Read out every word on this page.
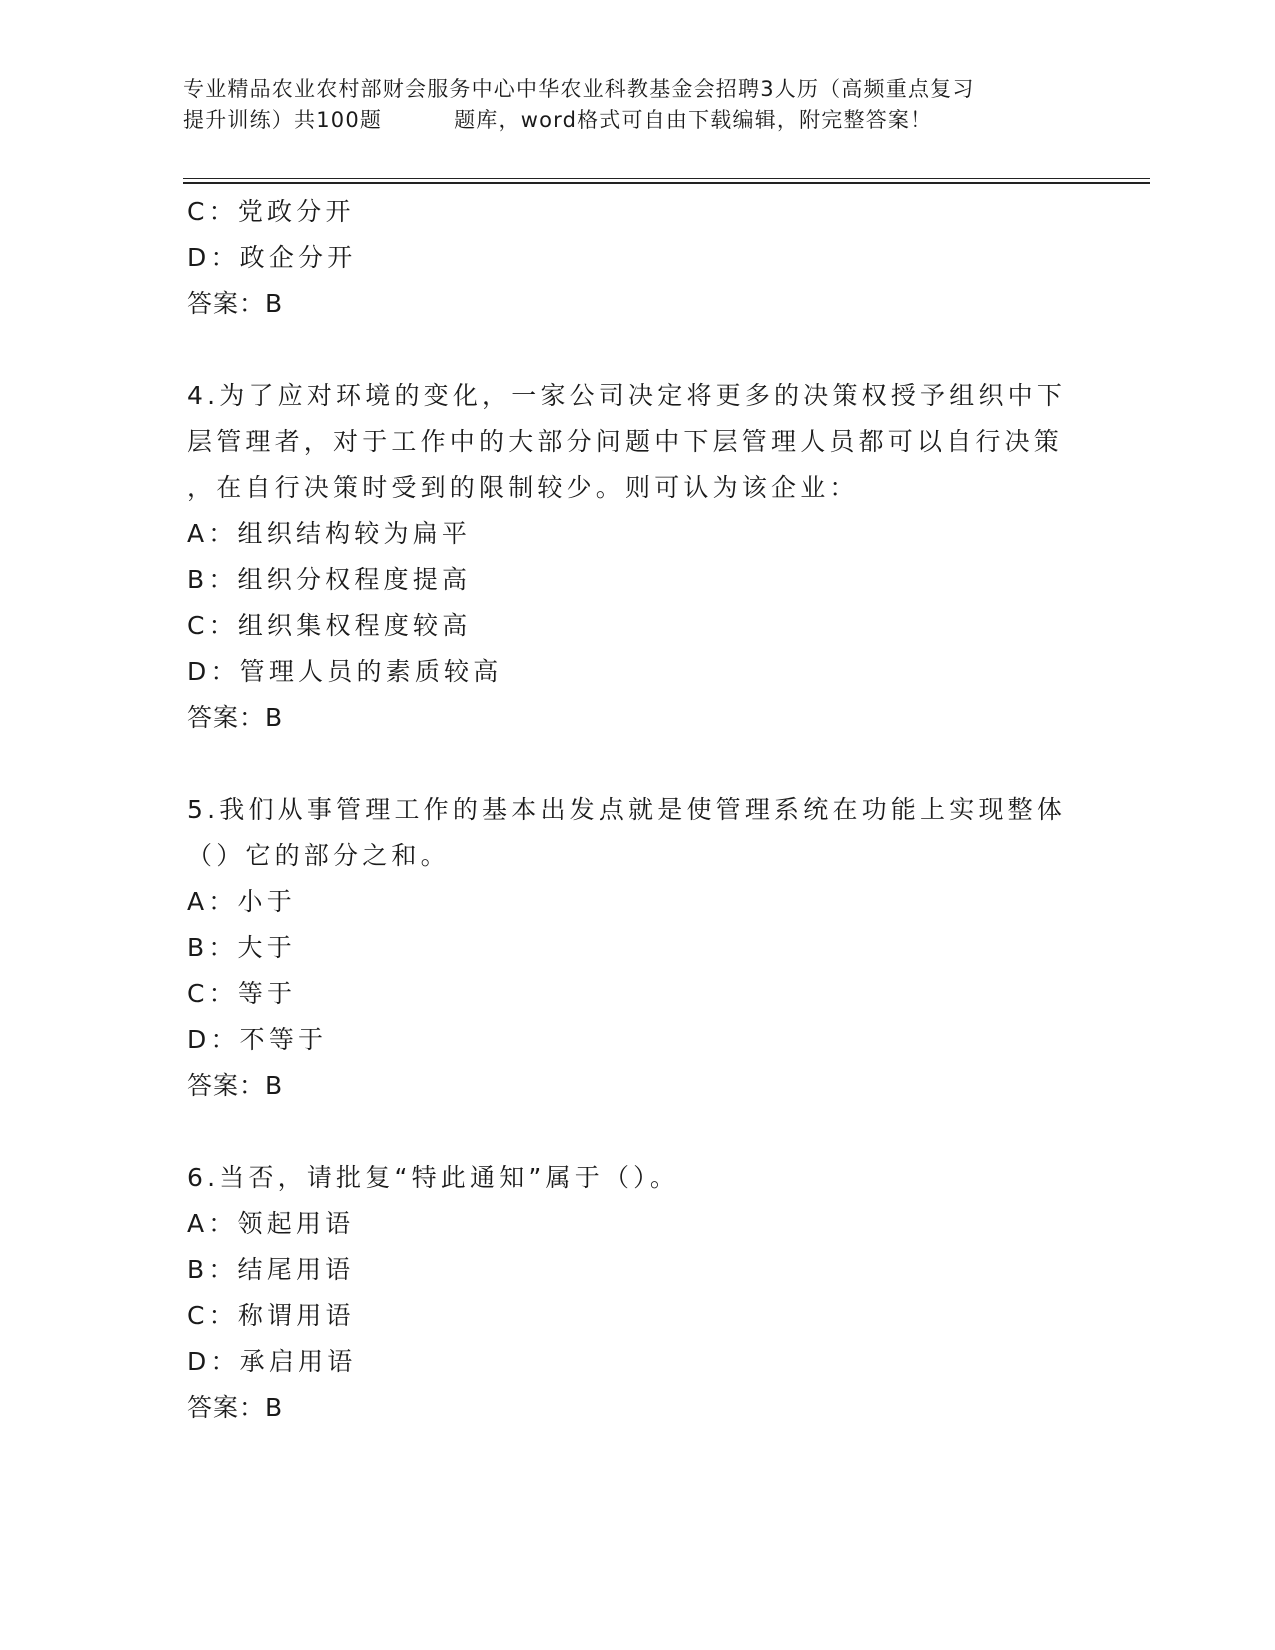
专业精品农业农村部财会服务中心中华农业科教基金会招聘3人历（高频重点复习
提升训练）共100题	题库，word格式可自由下载编辑，附完整答案！
C：党政分开
D：政企分开
答案：B
4.为了应对环境的变化，一家公司决定将更多的决策权授予组织中下
层管理者，对于工作中的大部分问题中下层管理人员都可以自行决策
，在自行决策时受到的限制较少。则可认为该企业：
A：组织结构较为扁平
B：组织分权程度提高
C：组织集权程度较高
D：管理人员的素质较高
答案：B
5.我们从事管理工作的基本出发点就是使管理系统在功能上实现整体
（）它的部分之和。
A：小于
B：大于
C：等于
D：不等于
答案：B
6.当否，请批复“特此通知”属于（）。
A：领起用语
B：结尾用语
C：称谓用语
D：承启用语
答案：B
